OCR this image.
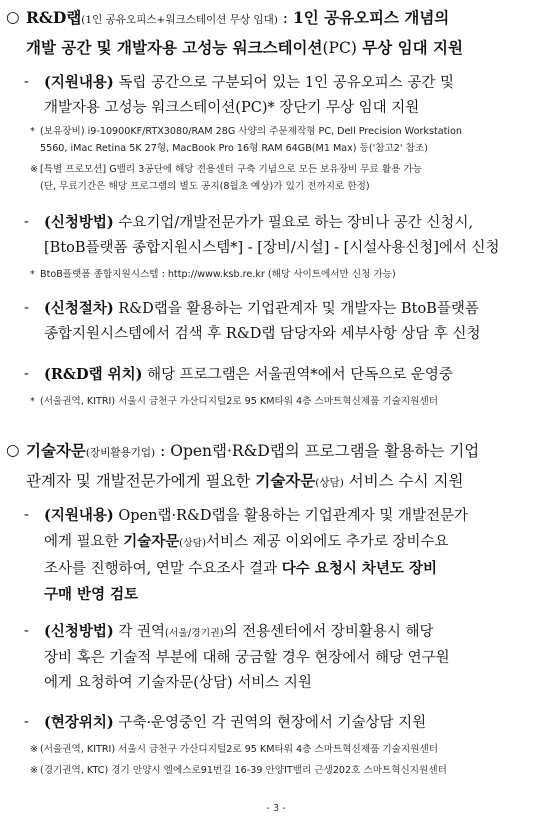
○ R&D랩(1인 공유오피스+워크스테이션 무상 임대) : 1인 공유오피스 개념의
개발 공간 및 개발자용 고성능 워크스테이션(PC) 무상 임대 지원
- (지원내용) 독립 공간으로 구분되어 있는 1인 공유오피스 공간 및
개발자용 고성능 워크스테이션(PC)* 장단기 무상 임대 지원
* (보유장비) i9-10900KF/RTX3080/RAM 28G 사양의 주문제작형 PC, Dell Precision Workstation
5560, iMac Retina 5K 27형, MacBook Pro 16형 RAM 64GB(M1 Max) 등('참고2' 참조)
※ [특별 프로모션] G밸리 3공단에 해당 전용센터 구축 기념으로 모든 보유장비 무료 활용 가능
(단, 무료기간은 해당 프로그램의 별도 공지(8월초 예상)가 있기 전까지로 한정)
- (신청방법) 수요기업/개발전문가가 필요로 하는 장비나 공간 신청시,
[BtoB플랫폼 종합지원시스템*] - [장비/시설] - [시설사용신청]에서 신청
* BtoB플랫폼 종합지원시스템 : http://www.ksb.re.kr (해당 사이트에서만 신청 가능)
- (신청절차) R&D랩을 활용하는 기업관계자 및 개발자는 BtoB플랫폼
종합지원시스템에서 검색 후 R&D랩 담당자와 세부사항 상담 후 신청
- (R&D랩 위치) 해당 프로그램은 서울권역*에서 단독으로 운영중
* (서울권역, KITRI) 서울시 금천구 가산디지털2로 95 KM타워 4층 스마트혁신제품 기술지원센터
○ 기술자문(장비활용기업) : Open랩·R&D랩의 프로그램을 활용하는 기업
관계자 및 개발전문가에게 필요한 기술자문(상담) 서비스 수시 지원
- (지원내용) Open랩·R&D랩을 활용하는 기업관계자 및 개발전문가
에게 필요한 기술자문(상담)서비스 제공 이외에도 추가로 장비수요
조사를 진행하여, 연말 수요조사 결과 다수 요청시 차년도 장비
구매 반영 검토
- (신청방법) 각 권역(서울/경기권)의 전용센터에서 장비활용시 해당
장비 혹은 기술적 부분에 대해 궁금할 경우 현장에서 해당 연구원
에게 요청하여 기술자문(상담) 서비스 지원
- (현장위치) 구축·운영중인 각 권역의 현장에서 기술상담 지원
※ (서울권역, KITRI) 서울시 금천구 가산디지털2로 95 KM타워 4층 스마트혁신제품 기술지원센터
※ (경기권역, KTC) 경기 안양시 엘에스로91번길 16-39 안양IT밸리 근생202호 스마트혁신지원센터
- 3 -
